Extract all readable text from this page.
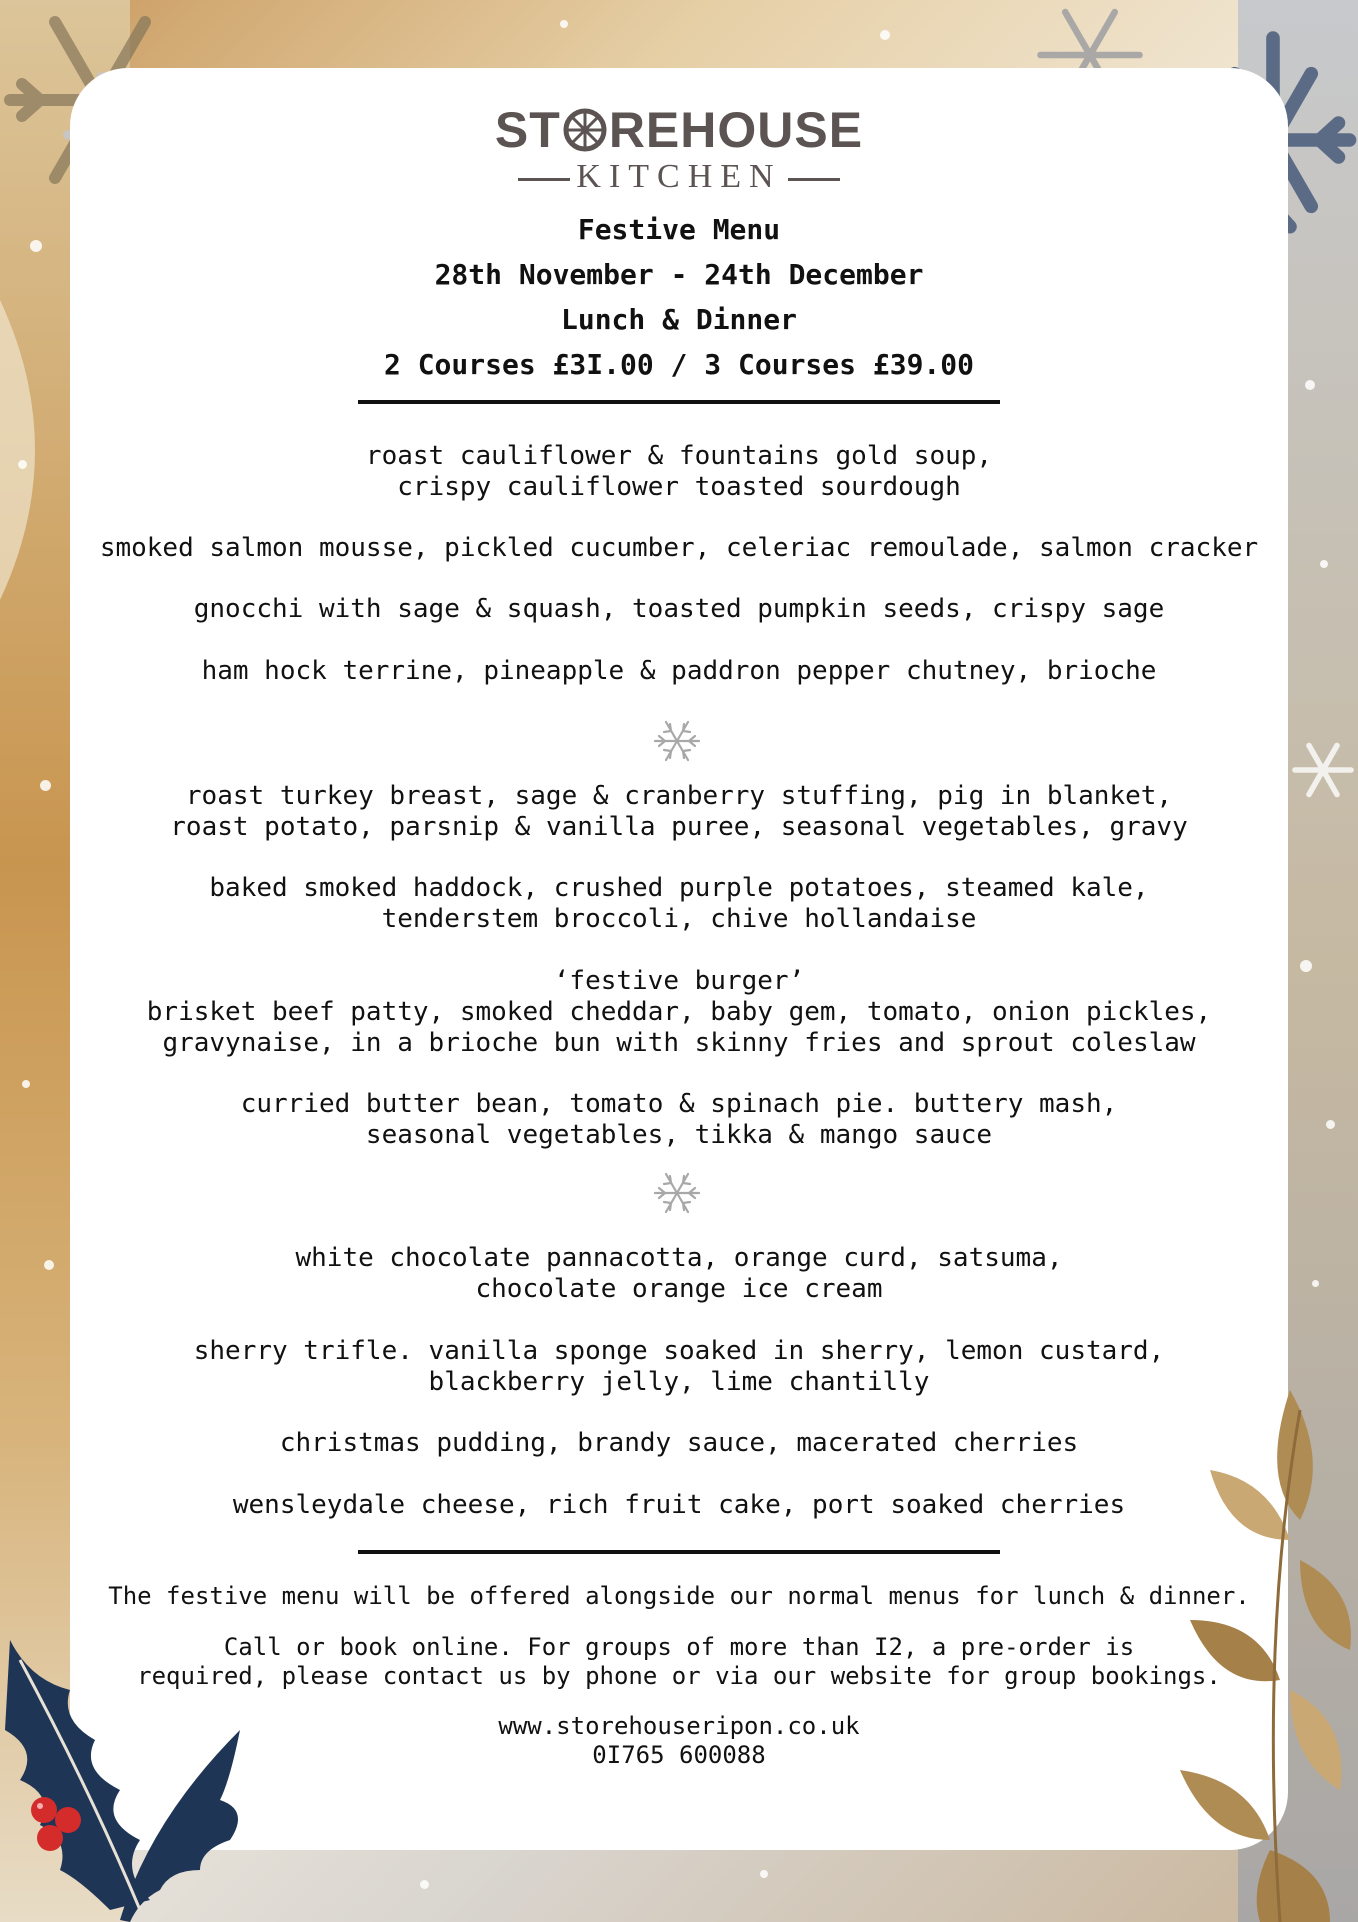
ST REHOUSE
KITCHEN
Festive Menu
28th November - 24th December
Lunch & Dinner
2 Courses £3I.00 / 3 Courses £39.00
roast cauliflower & fountains gold soup,
crispy cauliflower toasted sourdough
smoked salmon mousse, pickled cucumber, celeriac remoulade, salmon cracker
gnocchi with sage & squash, toasted pumpkin seeds, crispy sage
ham hock terrine, pineapple & paddron pepper chutney, brioche
roast turkey breast, sage & cranberry stuffing, pig in blanket,
roast potato, parsnip & vanilla puree, seasonal vegetables, gravy
baked smoked haddock, crushed purple potatoes, steamed kale,
tenderstem broccoli, chive hollandaise
‘festive burger’
brisket beef patty, smoked cheddar, baby gem, tomato, onion pickles,
gravynaise, in a brioche bun with skinny fries and sprout coleslaw
curried butter bean, tomato & spinach pie. buttery mash,
seasonal vegetables, tikka & mango sauce
white chocolate pannacotta, orange curd, satsuma,
chocolate orange ice cream
sherry trifle. vanilla sponge soaked in sherry, lemon custard,
blackberry jelly, lime chantilly
christmas pudding, brandy sauce, macerated cherries
wensleydale cheese, rich fruit cake, port soaked cherries
The festive menu will be offered alongside our normal menus for lunch & dinner.
Call or book online. For groups of more than I2, a pre-order is
required, please contact us by phone or via our website for group bookings.
www.storehouseripon.co.uk
0I765 600088
